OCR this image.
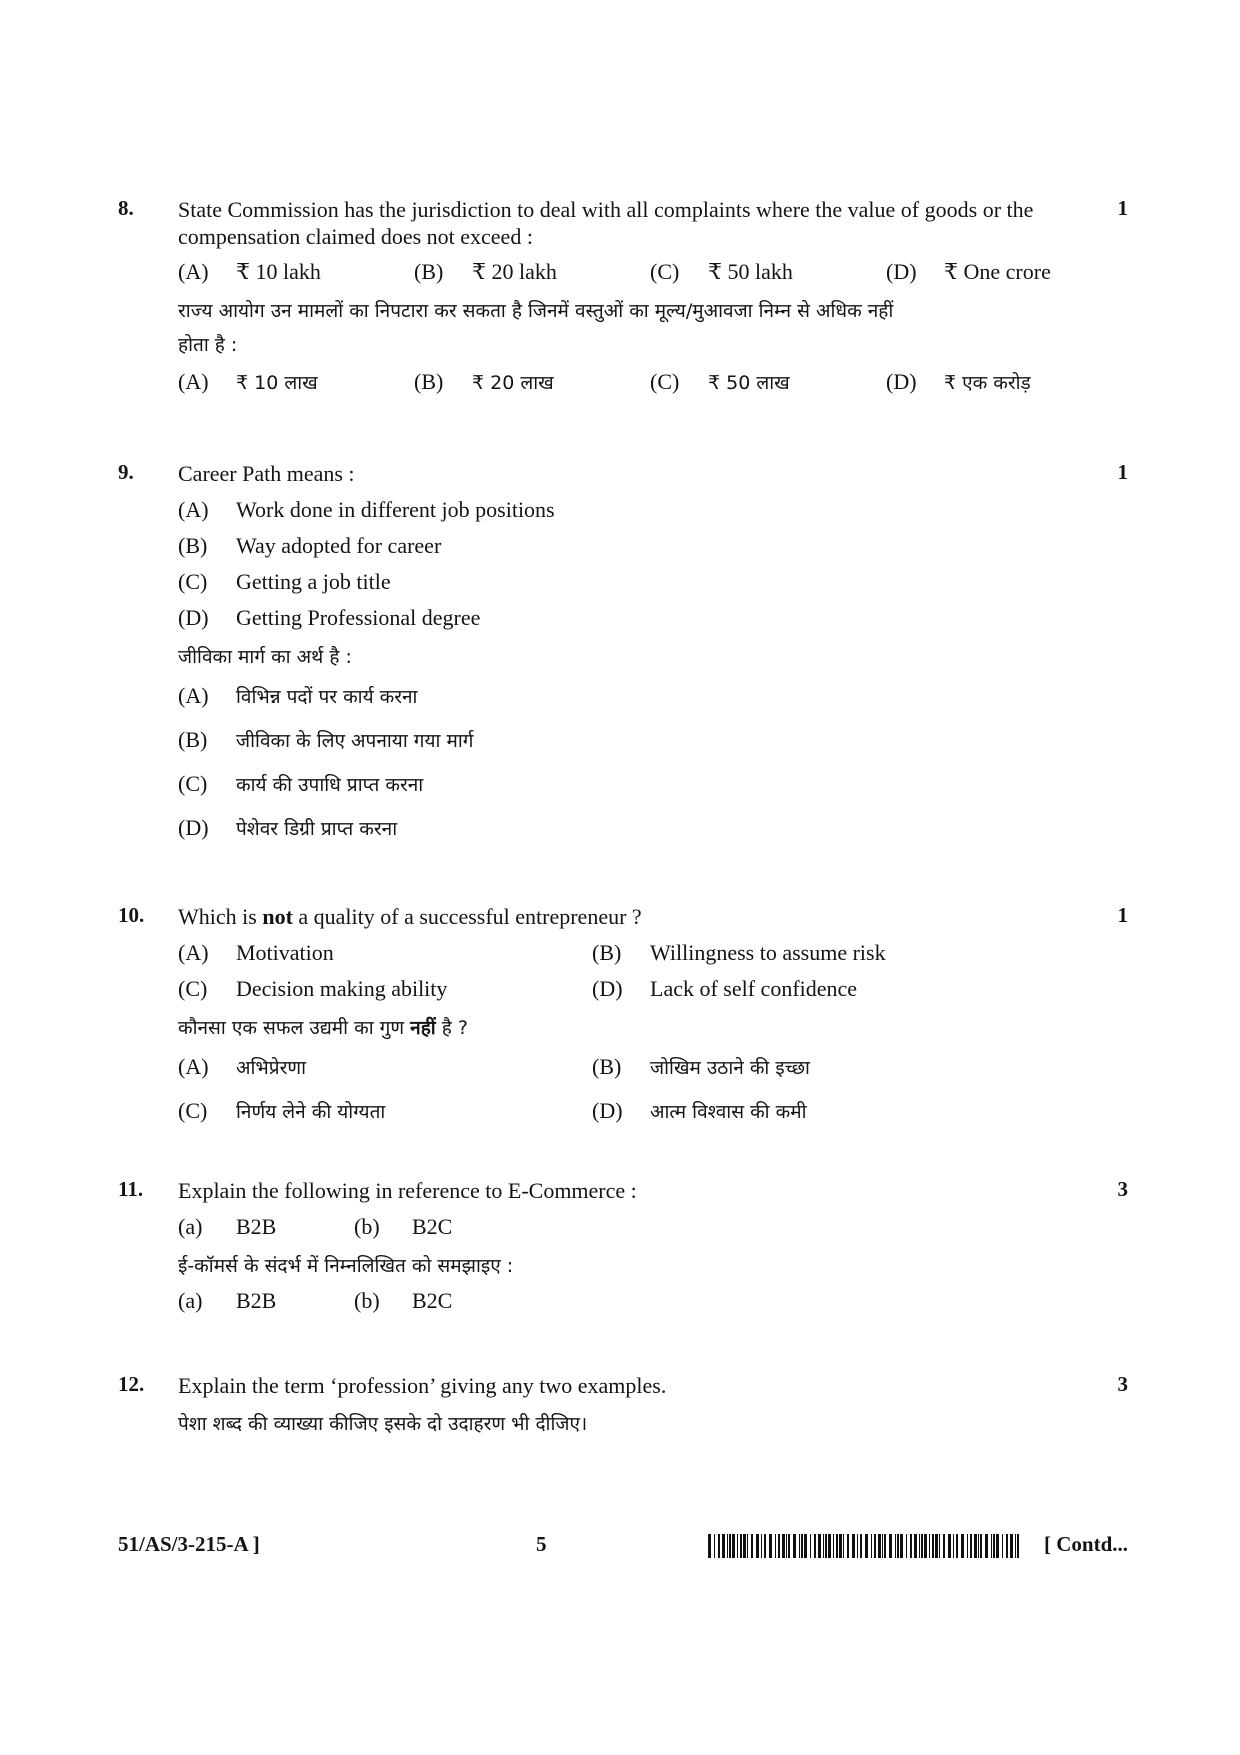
8.	1
State Commission has the jurisdiction to deal with all complaints where the value of goods or the compensation claimed does not exceed :
(A) ₹ 10 lakh	(B) ₹ 20 lakh	(C) ₹ 50 lakh	(D) ₹ One crore
राज्य आयोग उन मामलों का निपटारा कर सकता है जिनमें वस्तुओं का मूल्य/मुआवजा निम्न से अधिक नहीं
होता है :
(A) ₹ 10 लाख	(B) ₹ 20 लाख	(C) ₹ 50 लाख	(D) ₹ एक करोड़
9.	1
Career Path means :
(A) Work done in different job positions
(B) Way adopted for career
(C) Getting a job title
(D) Getting Professional degree
जीविका मार्ग का अर्थ है :
(A) विभिन्न पदों पर कार्य करना
(B) जीविका के लिए अपनाया गया मार्ग
(C) कार्य की उपाधि प्राप्त करना
(D) पेशेवर डिग्री प्राप्त करना
10.	1
Which is not a quality of a successful entrepreneur ?
(A) Motivation	(B) Willingness to assume risk
(C) Decision making ability	(D) Lack of self confidence
कौनसा एक सफल उद्यमी का गुण नहीं है ?
(A) अभिप्रेरणा	(B) जोखिम उठाने की इच्छा
(C) निर्णय लेने की योग्यता	(D) आत्म विश्वास की कमी
11.	3
Explain the following in reference to E-Commerce :
(a) B2B	(b) B2C
ई-कॉमर्स के संदर्भ में निम्नलिखित को समझाइए :
(a) B2B	(b) B2C
12.	3
Explain the term ‘profession’ giving any two examples.
पेशा शब्द की व्याख्या कीजिए इसके दो उदाहरण भी दीजिए।
51/AS/3-215-A ]	5	[ Contd...
